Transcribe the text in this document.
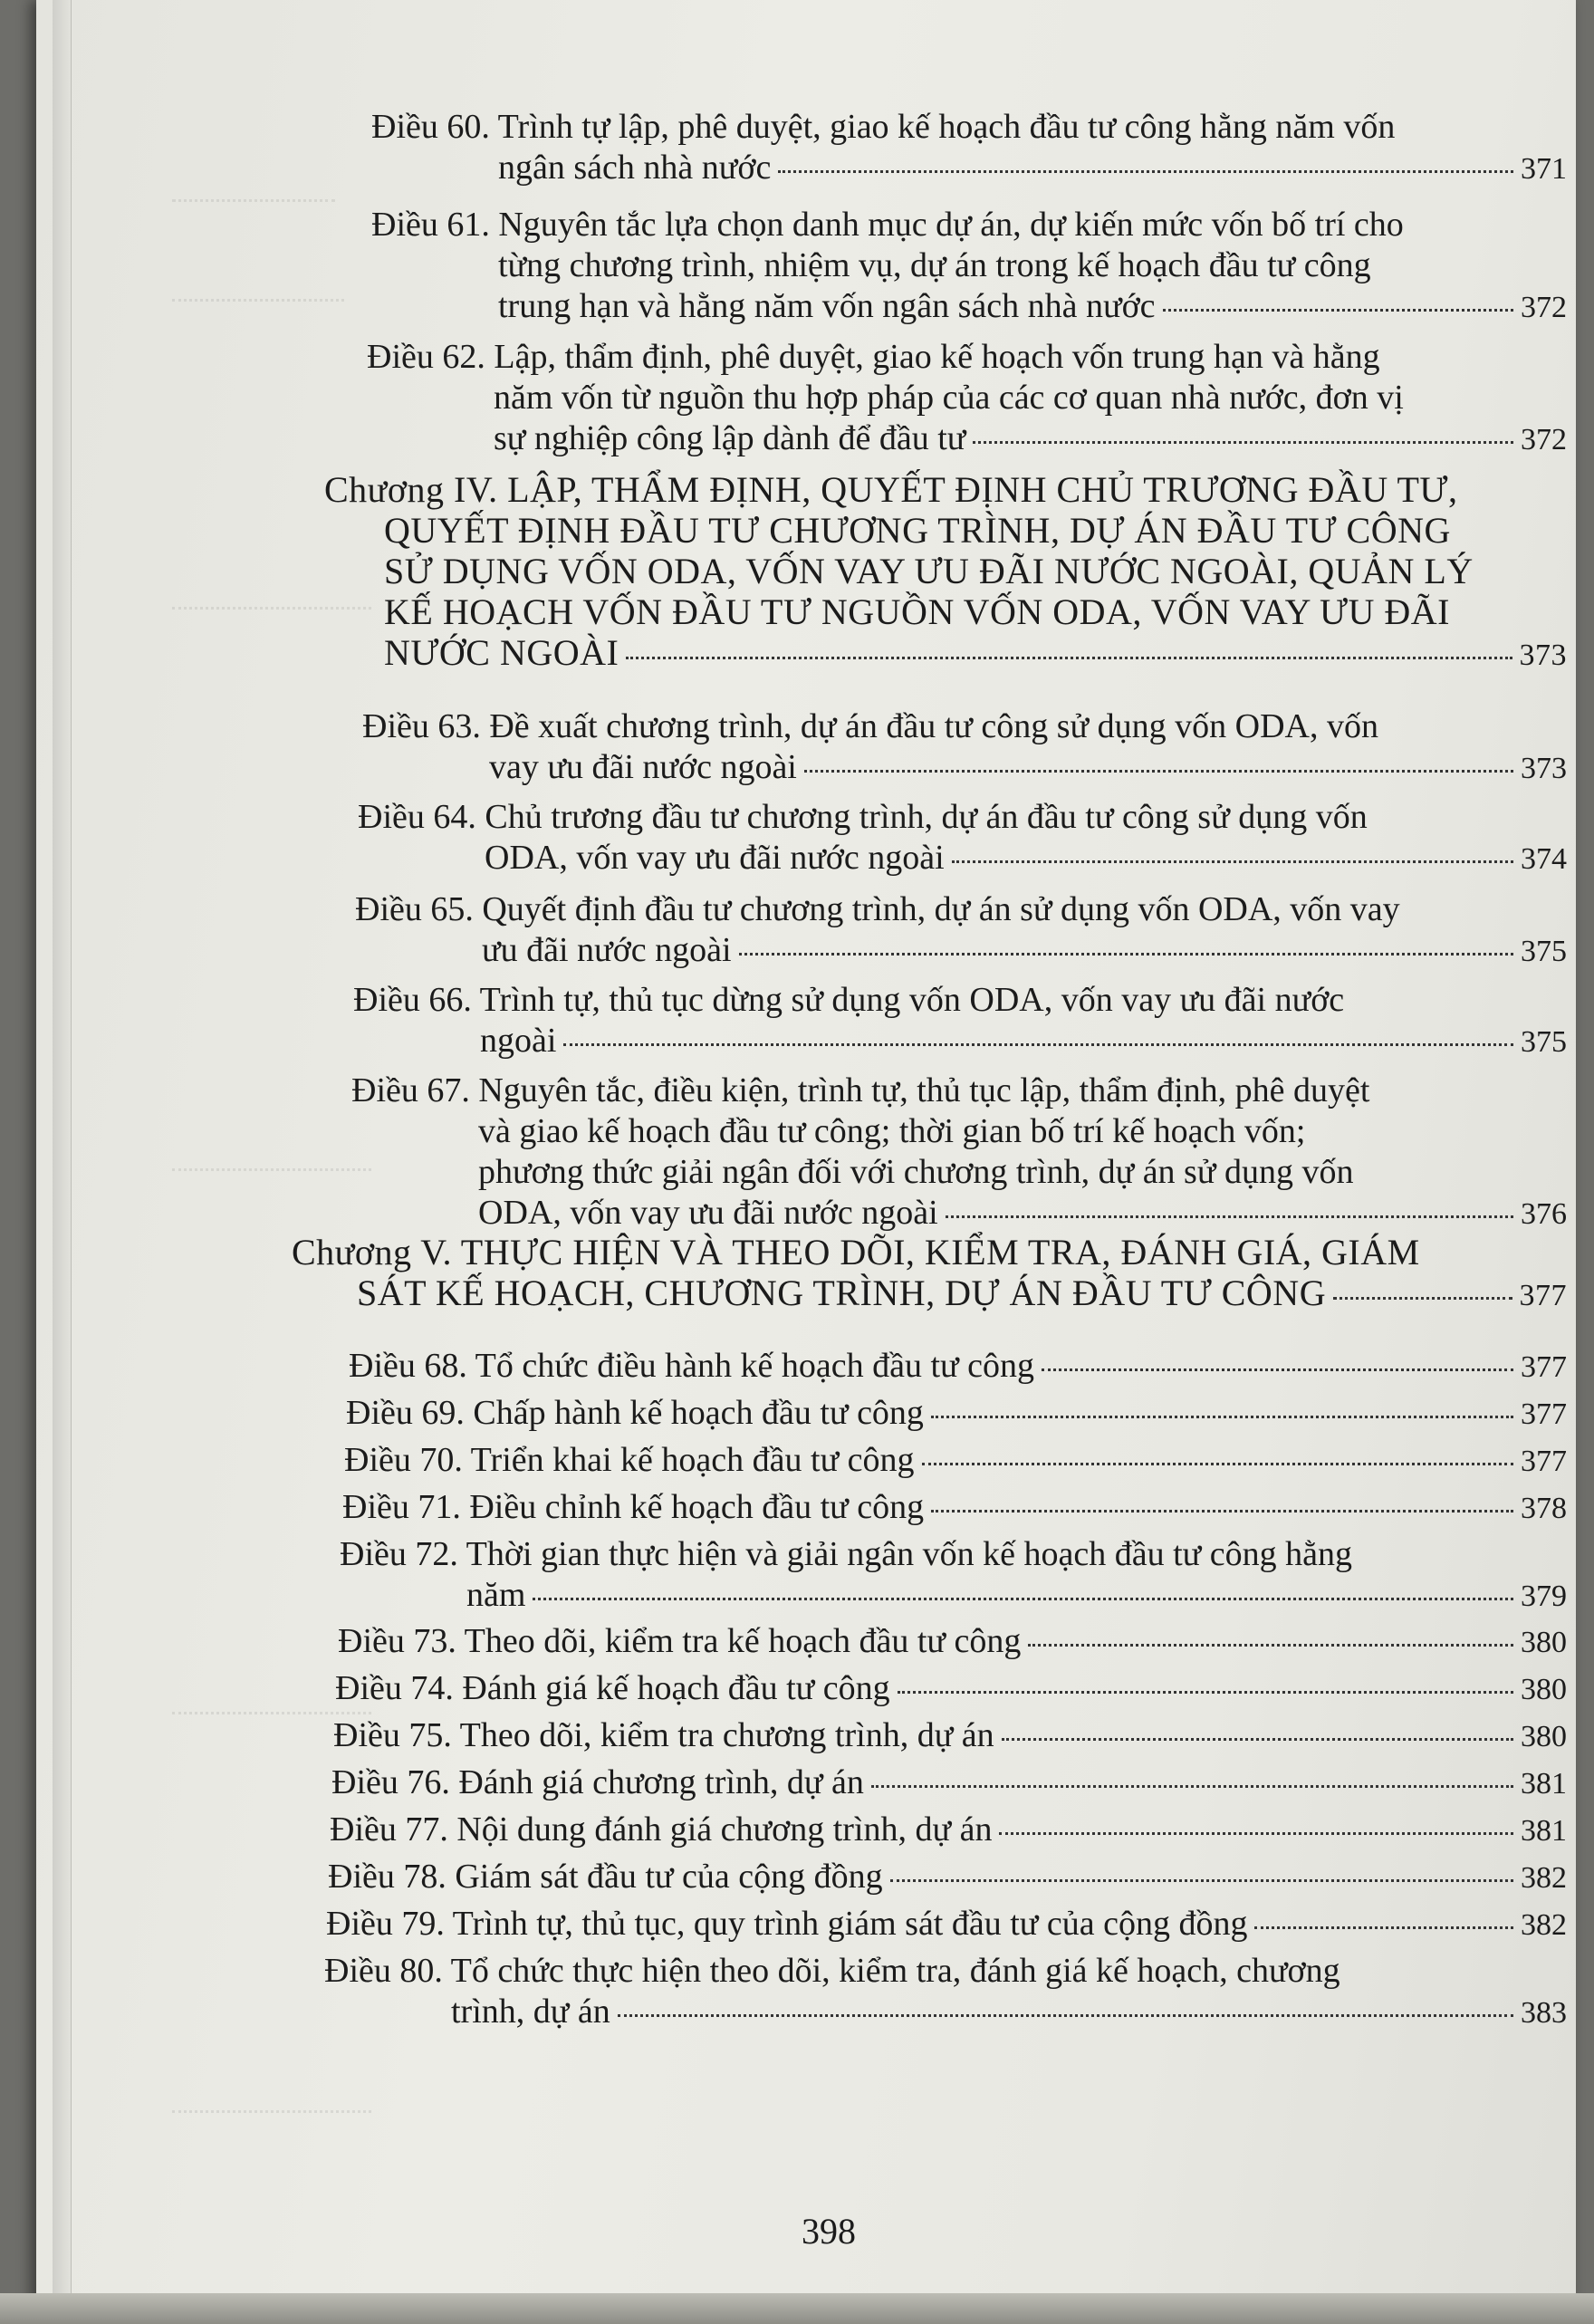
Điều 60. Trình tự lập, phê duyệt, giao kế hoạch đầu tư công hằng năm vốn
ngân sách nhà nước	371
Điều 61. Nguyên tắc lựa chọn danh mục dự án, dự kiến mức vốn bố trí cho
từng chương trình, nhiệm vụ, dự án trong kế hoạch đầu tư công
trung hạn và hằng năm vốn ngân sách nhà nước	372
Điều 62. Lập, thẩm định, phê duyệt, giao kế hoạch vốn trung hạn và hằng
năm vốn từ nguồn thu hợp pháp của các cơ quan nhà nước, đơn vị
sự nghiệp công lập dành để đầu tư	372
Chương IV. LẬP, THẨM ĐỊNH, QUYẾT ĐỊNH CHỦ TRƯƠNG ĐẦU TƯ,
QUYẾT ĐỊNH ĐẦU TƯ CHƯƠNG TRÌNH, DỰ ÁN ĐẦU TƯ CÔNG
SỬ DỤNG VỐN ODA, VỐN VAY ƯU ĐÃI NƯỚC NGOÀI, QUẢN LÝ
KẾ HOẠCH VỐN ĐẦU TƯ NGUỒN VỐN ODA, VỐN VAY ƯU ĐÃI
NƯỚC NGOÀI	373
Điều 63. Đề xuất chương trình, dự án đầu tư công sử dụng vốn ODA, vốn
vay ưu đãi nước ngoài	373
Điều 64. Chủ trương đầu tư chương trình, dự án đầu tư công sử dụng vốn
ODA, vốn vay ưu đãi nước ngoài	374
Điều 65. Quyết định đầu tư chương trình, dự án sử dụng vốn ODA, vốn vay
ưu đãi nước ngoài	375
Điều 66. Trình tự, thủ tục dừng sử dụng vốn ODA, vốn vay ưu đãi nước
ngoài	375
Điều 67. Nguyên tắc, điều kiện, trình tự, thủ tục lập, thẩm định, phê duyệt
và giao kế hoạch đầu tư công; thời gian bố trí kế hoạch vốn;
phương thức giải ngân đối với chương trình, dự án sử dụng vốn
ODA, vốn vay ưu đãi nước ngoài	376
Chương V. THỰC HIỆN VÀ THEO DÕI, KIỂM TRA, ĐÁNH GIÁ, GIÁM
SÁT KẾ HOẠCH, CHƯƠNG TRÌNH, DỰ ÁN ĐẦU TƯ CÔNG	377
Điều 68. Tổ chức điều hành kế hoạch đầu tư công	377
Điều 69. Chấp hành kế hoạch đầu tư công	377
Điều 70. Triển khai kế hoạch đầu tư công	377
Điều 71. Điều chỉnh kế hoạch đầu tư công	378
Điều 72. Thời gian thực hiện và giải ngân vốn kế hoạch đầu tư công hằng
năm	379
Điều 73. Theo dõi, kiểm tra kế hoạch đầu tư công	380
Điều 74. Đánh giá kế hoạch đầu tư công	380
Điều 75. Theo dõi, kiểm tra chương trình, dự án	380
Điều 76. Đánh giá chương trình, dự án	381
Điều 77. Nội dung đánh giá chương trình, dự án	381
Điều 78. Giám sát đầu tư của cộng đồng	382
Điều 79. Trình tự, thủ tục, quy trình giám sát đầu tư của cộng đồng	382
Điều 80. Tổ chức thực hiện theo dõi, kiểm tra, đánh giá kế hoạch, chương
trình, dự án	383
398
